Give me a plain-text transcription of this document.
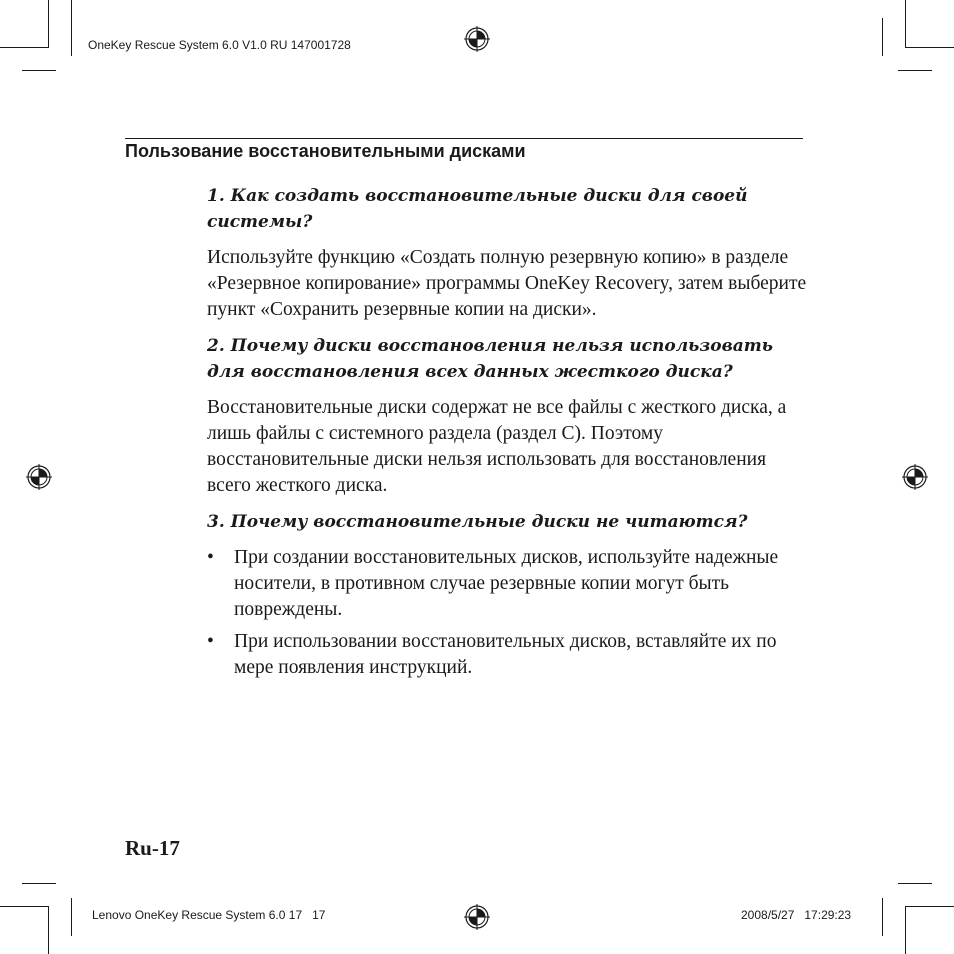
OneKey Rescue System 6.0 V1.0 RU 147001728
Пользование восстановительными дисками
1. Как создать восстановительные диски для своей системы?
Используйте функцию «Создать полную резервную копию» в разделе «Резервное копирование» программы OneKey Recovery, затем выберите пункт «Сохранить резервные копии на диски».
2. Почему диски восстановления нельзя использовать для восстановления всех данных жесткого диска?
Восстановительные диски содержат не все файлы с жесткого диска, а лишь файлы с системного раздела (раздел C). Поэтому восстановительные диски нельзя использовать для восстановления всего жесткого диска.
3. Почему восстановительные диски не читаются?
• При создании восстановительных дисков, используйте надежные носители, в противном случае резервные копии могут быть повреждены.
• При использовании восстановительных дисков, вставляйте их по мере появления инструкций.
Ru-17
Lenovo OneKey Rescue System 6.0 17   17	2008/5/27   17:29:23
